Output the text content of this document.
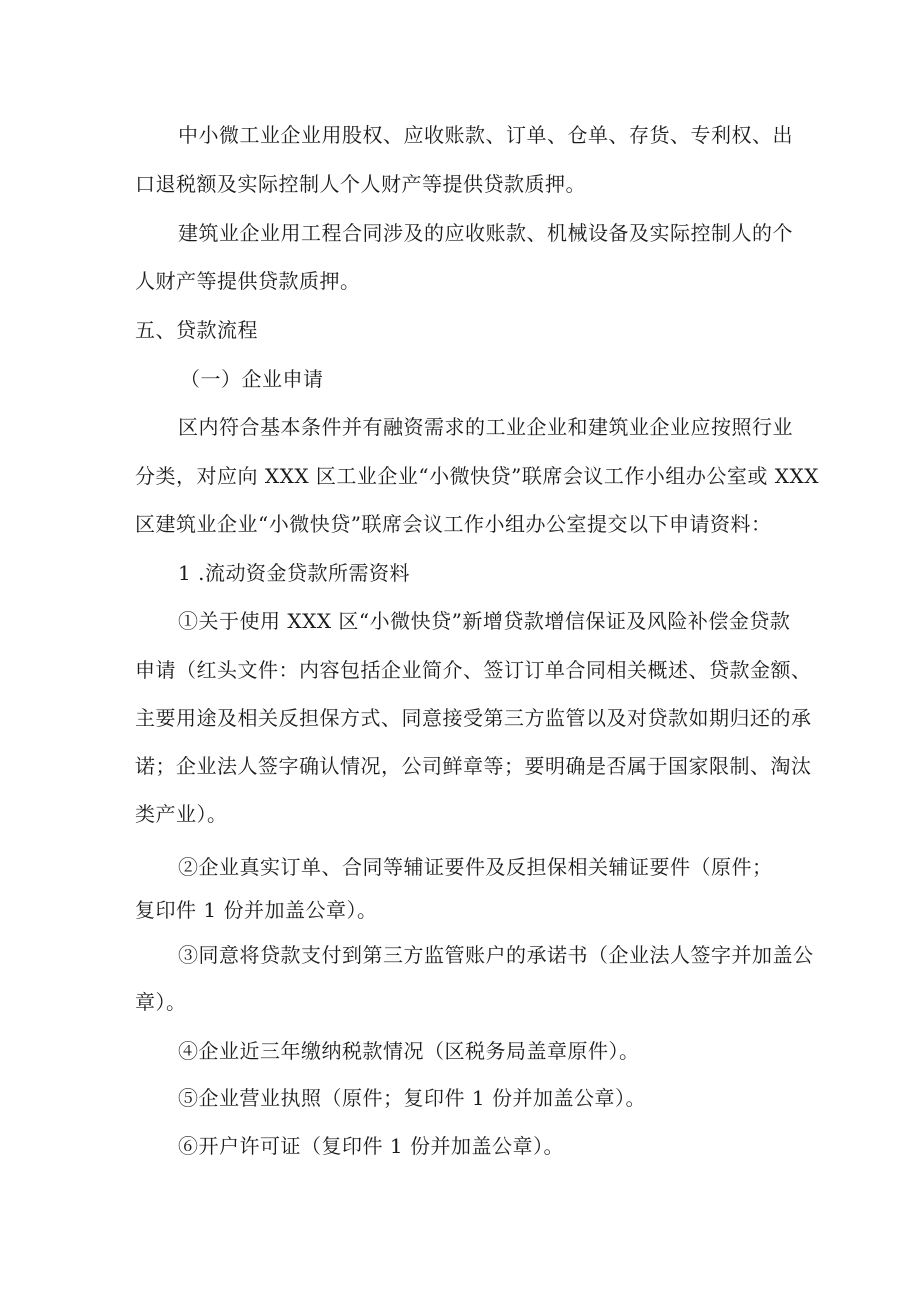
中小微工业企业用股权、应收账款、订单、仓单、存货、专利权、出
口退税额及实际控制人个人财产等提供贷款质押。
建筑业企业用工程合同涉及的应收账款、机械设备及实际控制人的个
人财产等提供贷款质押。
五、贷款流程
（一）企业申请
区内符合基本条件并有融资需求的工业企业和建筑业企业应按照行业
分类，对应向 XXX 区工业企业“小微快贷”联席会议工作小组办公室或 XXX
区建筑业企业“小微快贷”联席会议工作小组办公室提交以下申请资料：
1 .流动资金贷款所需资料
①关于使用 XXX 区“小微快贷”新增贷款增信保证及风险补偿金贷款
申请（红头文件：内容包括企业简介、签订订单合同相关概述、贷款金额、
主要用途及相关反担保方式、同意接受第三方监管以及对贷款如期归还的承
诺；企业法人签字确认情况，公司鲜章等；要明确是否属于国家限制、淘汰
类产业）。
②企业真实订单、合同等辅证要件及反担保相关辅证要件（原件；
复印件 1 份并加盖公章）。
③同意将贷款支付到第三方监管账户的承诺书（企业法人签字并加盖公
章）。
④企业近三年缴纳税款情况（区税务局盖章原件）。
⑤企业营业执照（原件；复印件 1 份并加盖公章）。
⑥开户许可证（复印件 1 份并加盖公章）。
